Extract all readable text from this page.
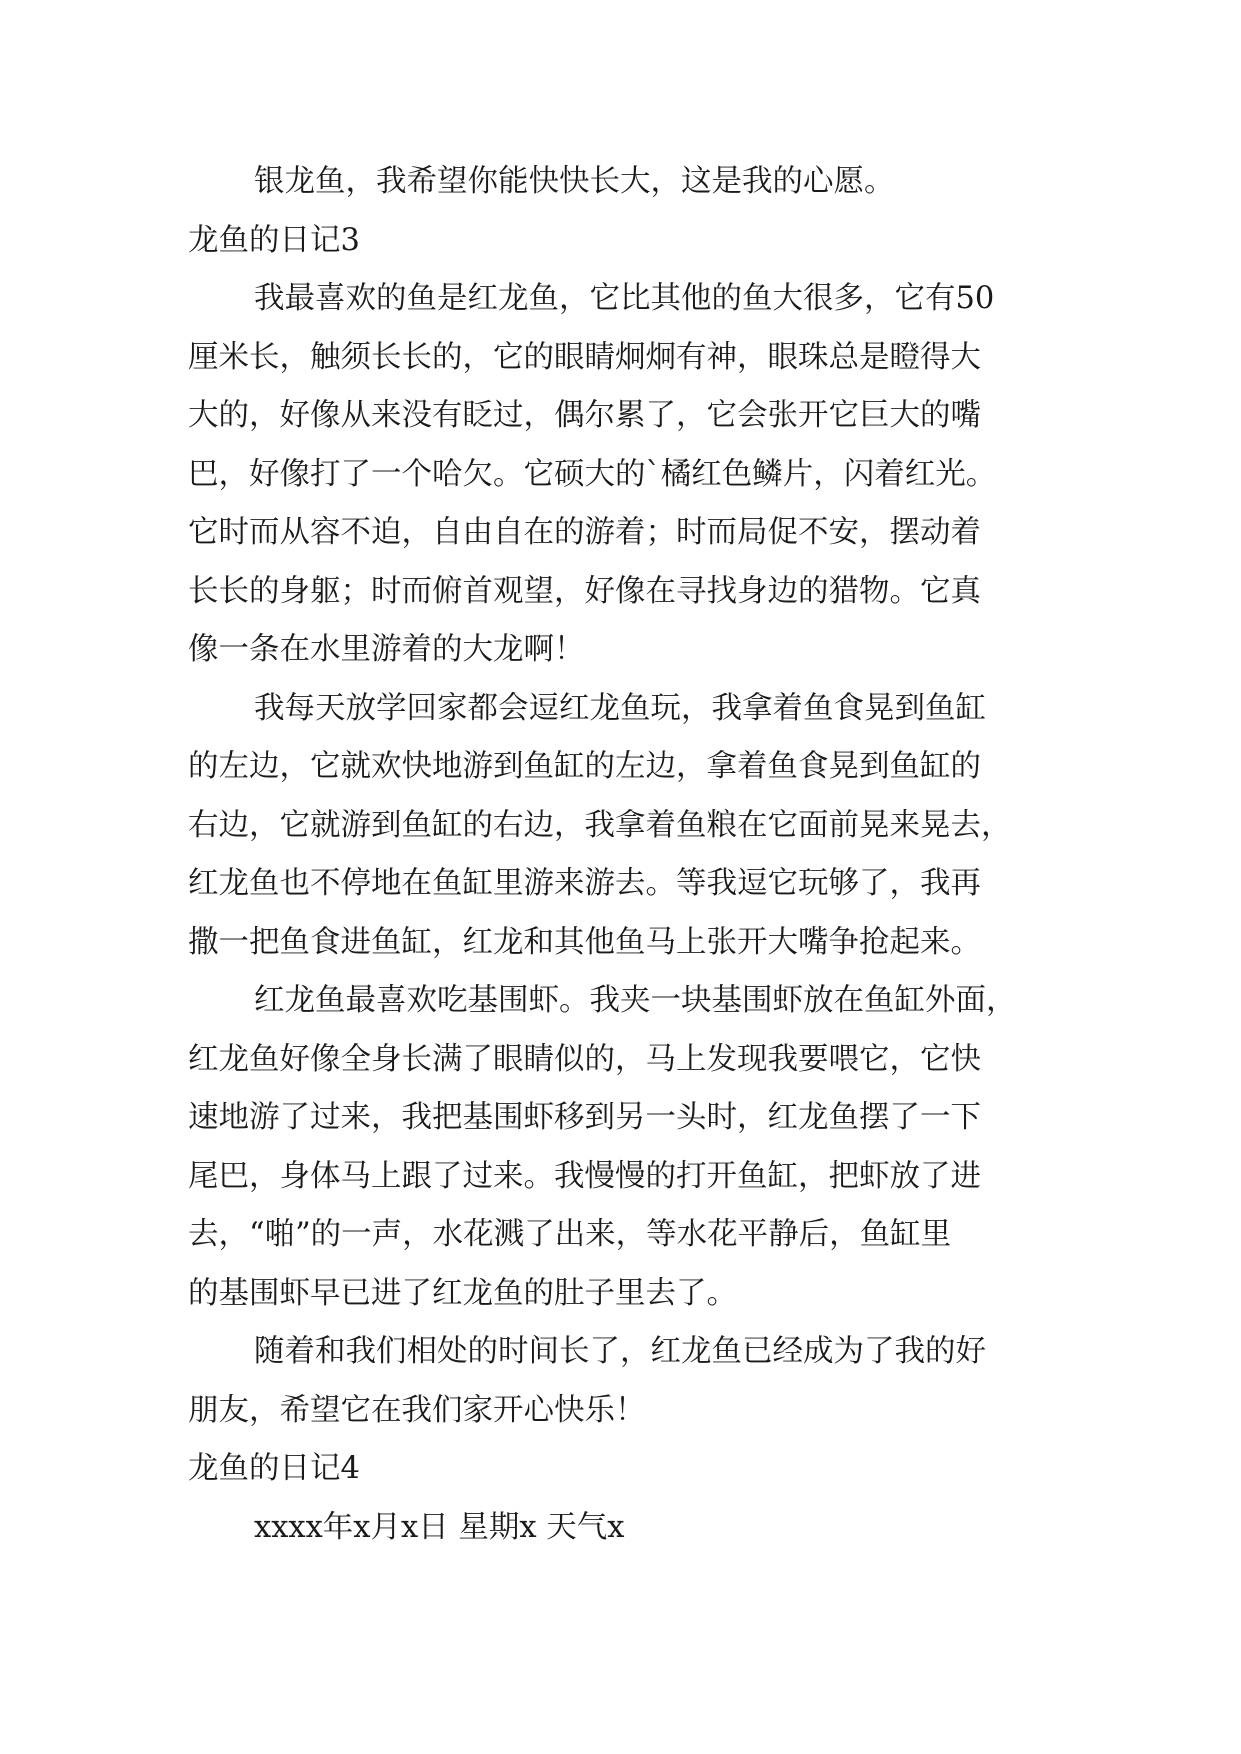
银龙鱼，我希望你能快快长大，这是我的心愿。
龙鱼的日记3
我最喜欢的鱼是红龙鱼，它比其他的鱼大很多，它有50
厘米长，触须长长的，它的眼睛炯炯有神，眼珠总是瞪得大
大的，好像从来没有眨过，偶尔累了，它会张开它巨大的嘴
巴，好像打了一个哈欠。它硕大的`橘红色鳞片，闪着红光。
它时而从容不迫，自由自在的游着；时而局促不安，摆动着
长长的身躯；时而俯首观望，好像在寻找身边的猎物。它真
像一条在水里游着的大龙啊！
我每天放学回家都会逗红龙鱼玩，我拿着鱼食晃到鱼缸
的左边，它就欢快地游到鱼缸的左边，拿着鱼食晃到鱼缸的
右边，它就游到鱼缸的右边，我拿着鱼粮在它面前晃来晃去，
红龙鱼也不停地在鱼缸里游来游去。等我逗它玩够了，我再
撒一把鱼食进鱼缸，红龙和其他鱼马上张开大嘴争抢起来。
红龙鱼最喜欢吃基围虾。我夹一块基围虾放在鱼缸外面，
红龙鱼好像全身长满了眼睛似的，马上发现我要喂它，它快
速地游了过来，我把基围虾移到另一头时，红龙鱼摆了一下
尾巴，身体马上跟了过来。我慢慢的打开鱼缸，把虾放了进
去，“啪”的一声，水花溅了出来，等水花平静后，鱼缸里
的基围虾早已进了红龙鱼的肚子里去了。
随着和我们相处的时间长了，红龙鱼已经成为了我的好
朋友，希望它在我们家开心快乐！
龙鱼的日记4
xxxx年x月x日 星期x 天气x
